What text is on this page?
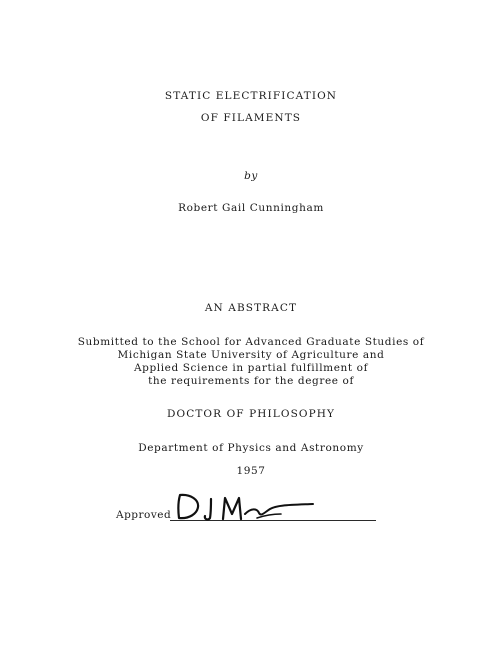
STATIC ELECTRIFICATION
OF FILAMENTS
by
Robert Gail Cunningham
AN ABSTRACT
Submitted to the School for Advanced Graduate Studies of
Michigan State University of Agriculture and
Applied Science in partial fulfillment of
the requirements for the degree of
DOCTOR OF PHILOSOPHY
Department of Physics and Astronomy
1957
Approved
